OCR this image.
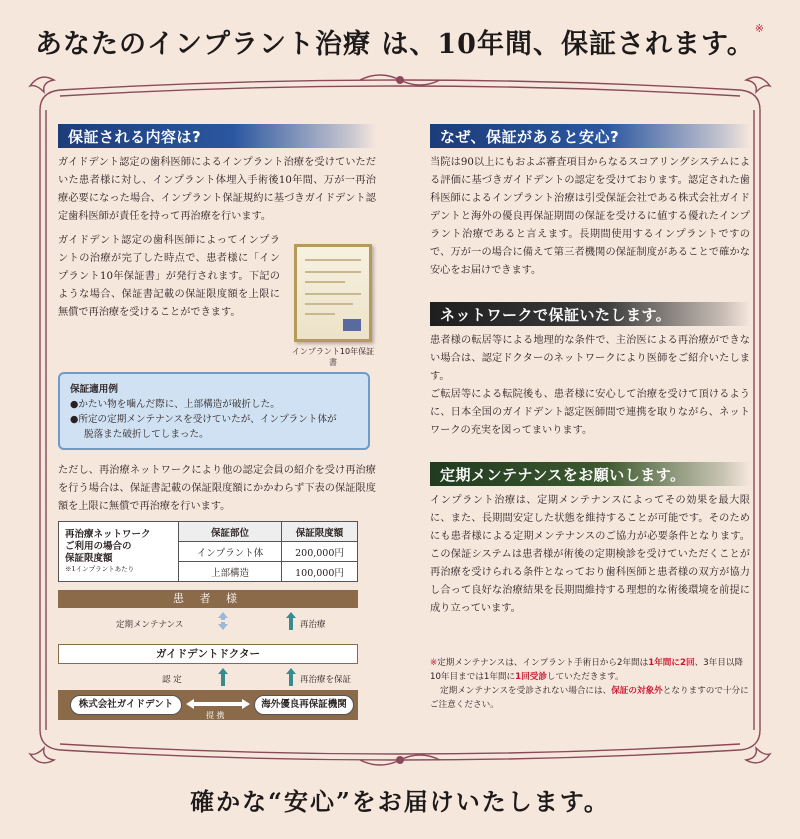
あなたのインプラント治療 は、10年間、保証されます。※
保証される内容は?
ガイドデント認定の歯科医師によるインプラント治療を受けていただいた患者様に対し、インプラント体埋入手術後10年間、万が一再治療必要になった場合、インプラント保証規約に基づきガイドデント認定歯科医師が責任を持って再治療を行います。
ガイドデント認定の歯科医師によってインプラントの治療が完了した時点で、患者様に「インプラント10年保証書」が発行されます。下記のような場合、保証書記載の保証限度額を上限に無償で再治療を受けることができます。
インプラント10年保証書
保証適用例
●かたい物を噛んだ際に、上部構造が破折した。
●所定の定期メンテナンスを受けていたが、インプラント体が
脱落また破折してしまった。
ただし、再治療ネットワークにより他の認定会員の紹介を受け再治療を行う場合は、保証書記載の保証限度額にかかわらず下表の保証限度額を上限に無償で再治療を行います。
再治療ネットワーク
ご利用の場合の
保証限度額
※1インプラントあたり	保証部位	保証限度額
	インプラント体	200,000円
	上部構造	100,000円
患 者 様
定期メンテナンス	再治療
ガイドデントドクター
認 定	再治療を保証
株式会社ガイドデント	海外優良再保証機関
提 携
なぜ、保証があると安心?
当院は90以上にもおよぶ審査項目からなるスコアリングシステムによる評価に基づきガイドデントの認定を受けております。認定された歯科医師によるインプラント治療は引受保証会社である株式会社ガイドデントと海外の優良再保証期間の保証を受けるに値する優れたインプラント治療であると言えます。長期間使用するインプラントですので、万が一の場合に備えて第三者機関の保証制度があることで確かな安心をお届けできます。
ネットワークで保証いたします。
患者様の転居等による地理的な条件で、主治医による再治療ができない場合は、認定ドクターのネットワークにより医師をご紹介いたします。
ご転居等による転院後も、患者様に安心して治療を受けて頂けるように、日本全国のガイドデント認定医師間で連携を取りながら、ネットワークの充実を図ってまいります。
定期メンテナンスをお願いします。
インプラント治療は、定期メンテナンスによってその効果を最大限に、また、長期間安定した状態を維持することが可能です。そのためにも患者様による定期メンテナンスのご協力が必要条件となります。この保証システムは患者様が術後の定期検診を受けていただくことが再治療を受けられる条件となっており歯科医師と患者様の双方が協力し合って良好な治療結果を長期間維持する理想的な術後環境を前提に成り立っています。
※定期メンテナンスは、インプラント手術日から2年間は1年間に2回、3年目以降10年目までは1年間に1回受診していただきます。
定期メンテナンスを受診されない場合には、保証の対象外となりますので十分にご注意ください。
確かな“安心”をお届けいたします。
